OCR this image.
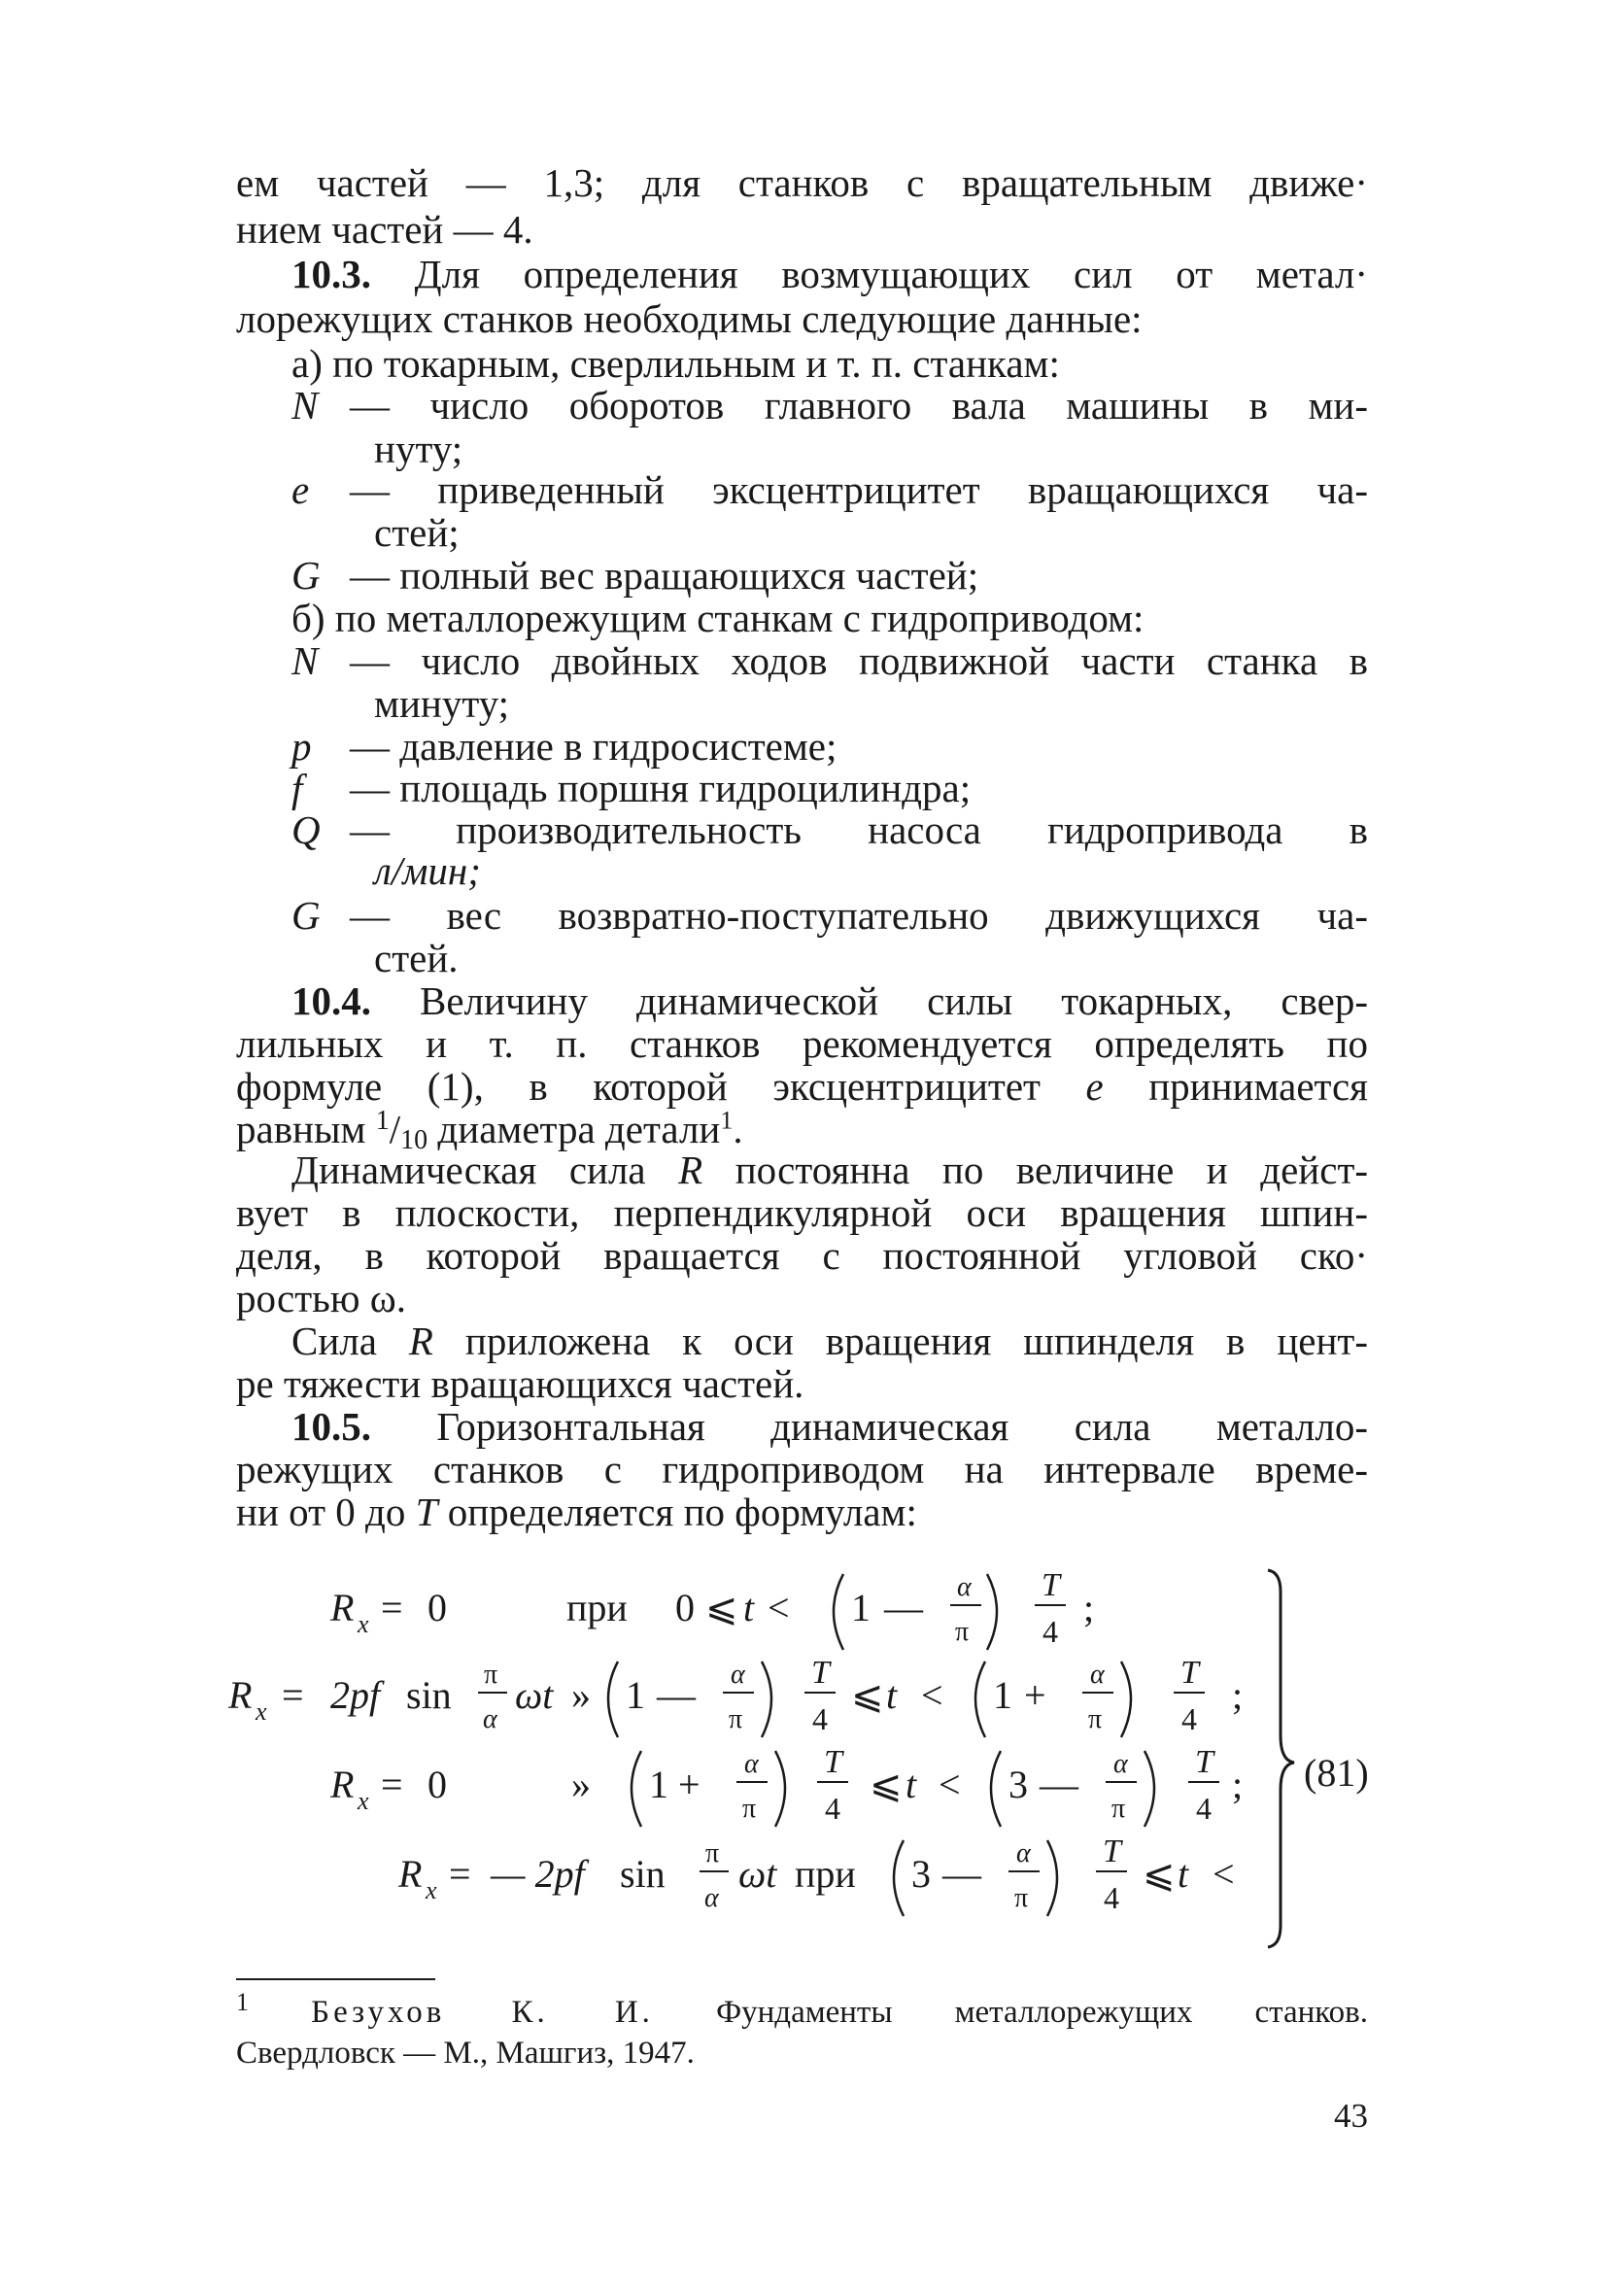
ем частей — 1,3; для станков с вращательным движе·
нием частей — 4.
10.3. Для определения возмущающих сил от метал·
лорежущих станков необходимы следующие данные:
а) по токарным, сверлильным и т. п. станкам:
N — число оборотов главного вала машины в ми-
нуту;
e	— приведенный эксцентрицитет вращающихся ча-
стей;
G — полный вес вращающихся частей;
б) по металлорежущим станкам с гидроприводом:
N — число двойных ходов подвижной части станка в
минуту;
p — давление в гидросистеме;
f	— площадь поршня гидроцилиндра;
Q — производительность насоса гидропривода в
л/мин;
G — вес возвратно-поступательно движущихся ча-
стей.
10.4. Величину динамической силы токарных, свер-
лильных и т. п. станков рекомендуется определять по
формуле (1), в которой эксцентрицитет e принимается
равным $^1$/10 диаметра детали$^1$.
Динамическая сила R постоянна по величине и дейст-
вует в плоскости, перпендикулярной оси вращения шпин-
деля, в которой вращается с постоянной угловой ско·
ростью ω.
Сила R приложена к оси вращения шпинделя в цент-
ре тяжести вращающихся частей.
10.5. Горизонтальная динамическая сила металло-
режущих станков с гидроприводом на интервале време-
ни от 0 до T определяется по формулам:
R x = 0	при 0 ⩽ t < 1 — α
π
T
4
;
R x = 2pf sin π
α
ωt » 1 — α
π
T
4
⩽ t < 1 + α
π
T
4
;
R x = 0	» 1 + α
π
T
4
⩽ t < 3 — α
π
T
4
;
R x = — 2pf sin π
α
ωt при 3 — α
π
T
4
⩽ t <
(81)
$^1$ Безухов К. И. Фундаменты металлорежущих станков.
Свердловск — М., Машгиз, 1947.
43
